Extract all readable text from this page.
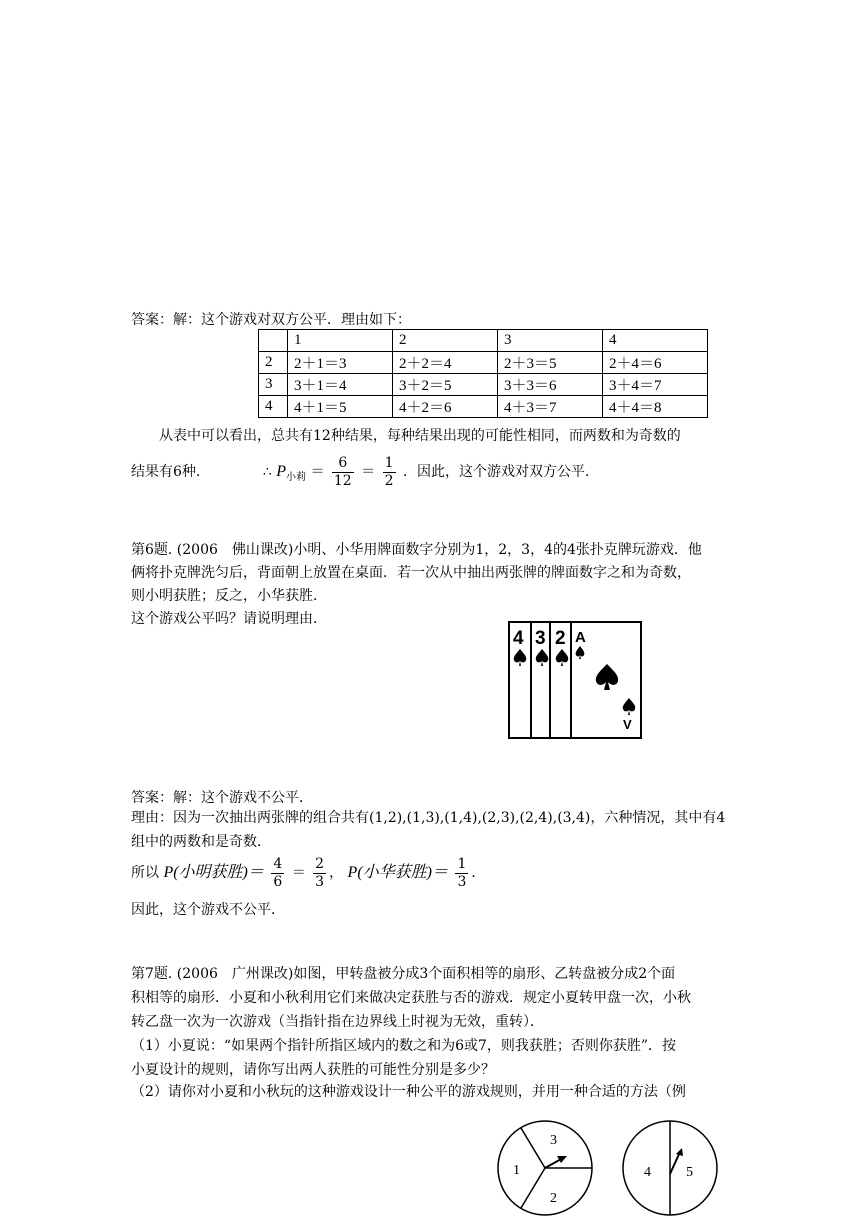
答案：解：这个游戏对双方公平．理由如下：
	1	2	3	4
2	2＋1＝3	2＋2＝4	2＋3＝5	2＋4＝6
3	3＋1＝4	3＋2＝5	3＋3＝6	3＋4＝7
4	4＋1＝5	4＋2＝6	4＋3＝7	4＋4＝8
从表中可以看出，总共有12种结果，每种结果出现的可能性相同，而两数和为奇数的
结果有6种．	∴ $P_{小莉} = \frac{6}{12} = \frac{1}{2}$ ．因此，这个游戏对双方公平．
第6题. (2006　佛山课改)小明、小华用牌面数字分别为1，2，3，4的4张扑克牌玩游戏．他
俩将扑克牌洗匀后，背面朝上放置在桌面．若一次从中抽出两张牌的牌面数字之和为奇数，
则小明获胜；反之，小华获胜．
这个游戏公平吗？请说明理由．
4 3 2 A
V
答案：解：这个游戏不公平．
理由：因为一次抽出两张牌的组合共有(1,2),(1,3),(1,4),(2,3),(2,4),(3,4)，六种情况，其中有4
组中的两数和是奇数．
所以 P(小明获胜)＝ $\frac{4}{6} = \frac{2}{3}$ ， P(小华获胜)＝ $\frac{1}{3}$ ．
因此，这个游戏不公平．
第7题. (2006　广州课改)如图，甲转盘被分成3个面积相等的扇形、乙转盘被分成2个面
积相等的扇形．小夏和小秋利用它们来做决定获胜与否的游戏．规定小夏转甲盘一次，小秋
转乙盘一次为一次游戏（当指针指在边界线上时视为无效，重转）．
（1）小夏说：“如果两个指针所指区域内的数之和为6或7，则我获胜；否则你获胜”．按
小夏设计的规则，请你写出两人获胜的可能性分别是多少？
（2）请你对小夏和小秋玩的这种游戏设计一种公平的游戏规则，并用一种合适的方法（例
1
2
3
4	5
